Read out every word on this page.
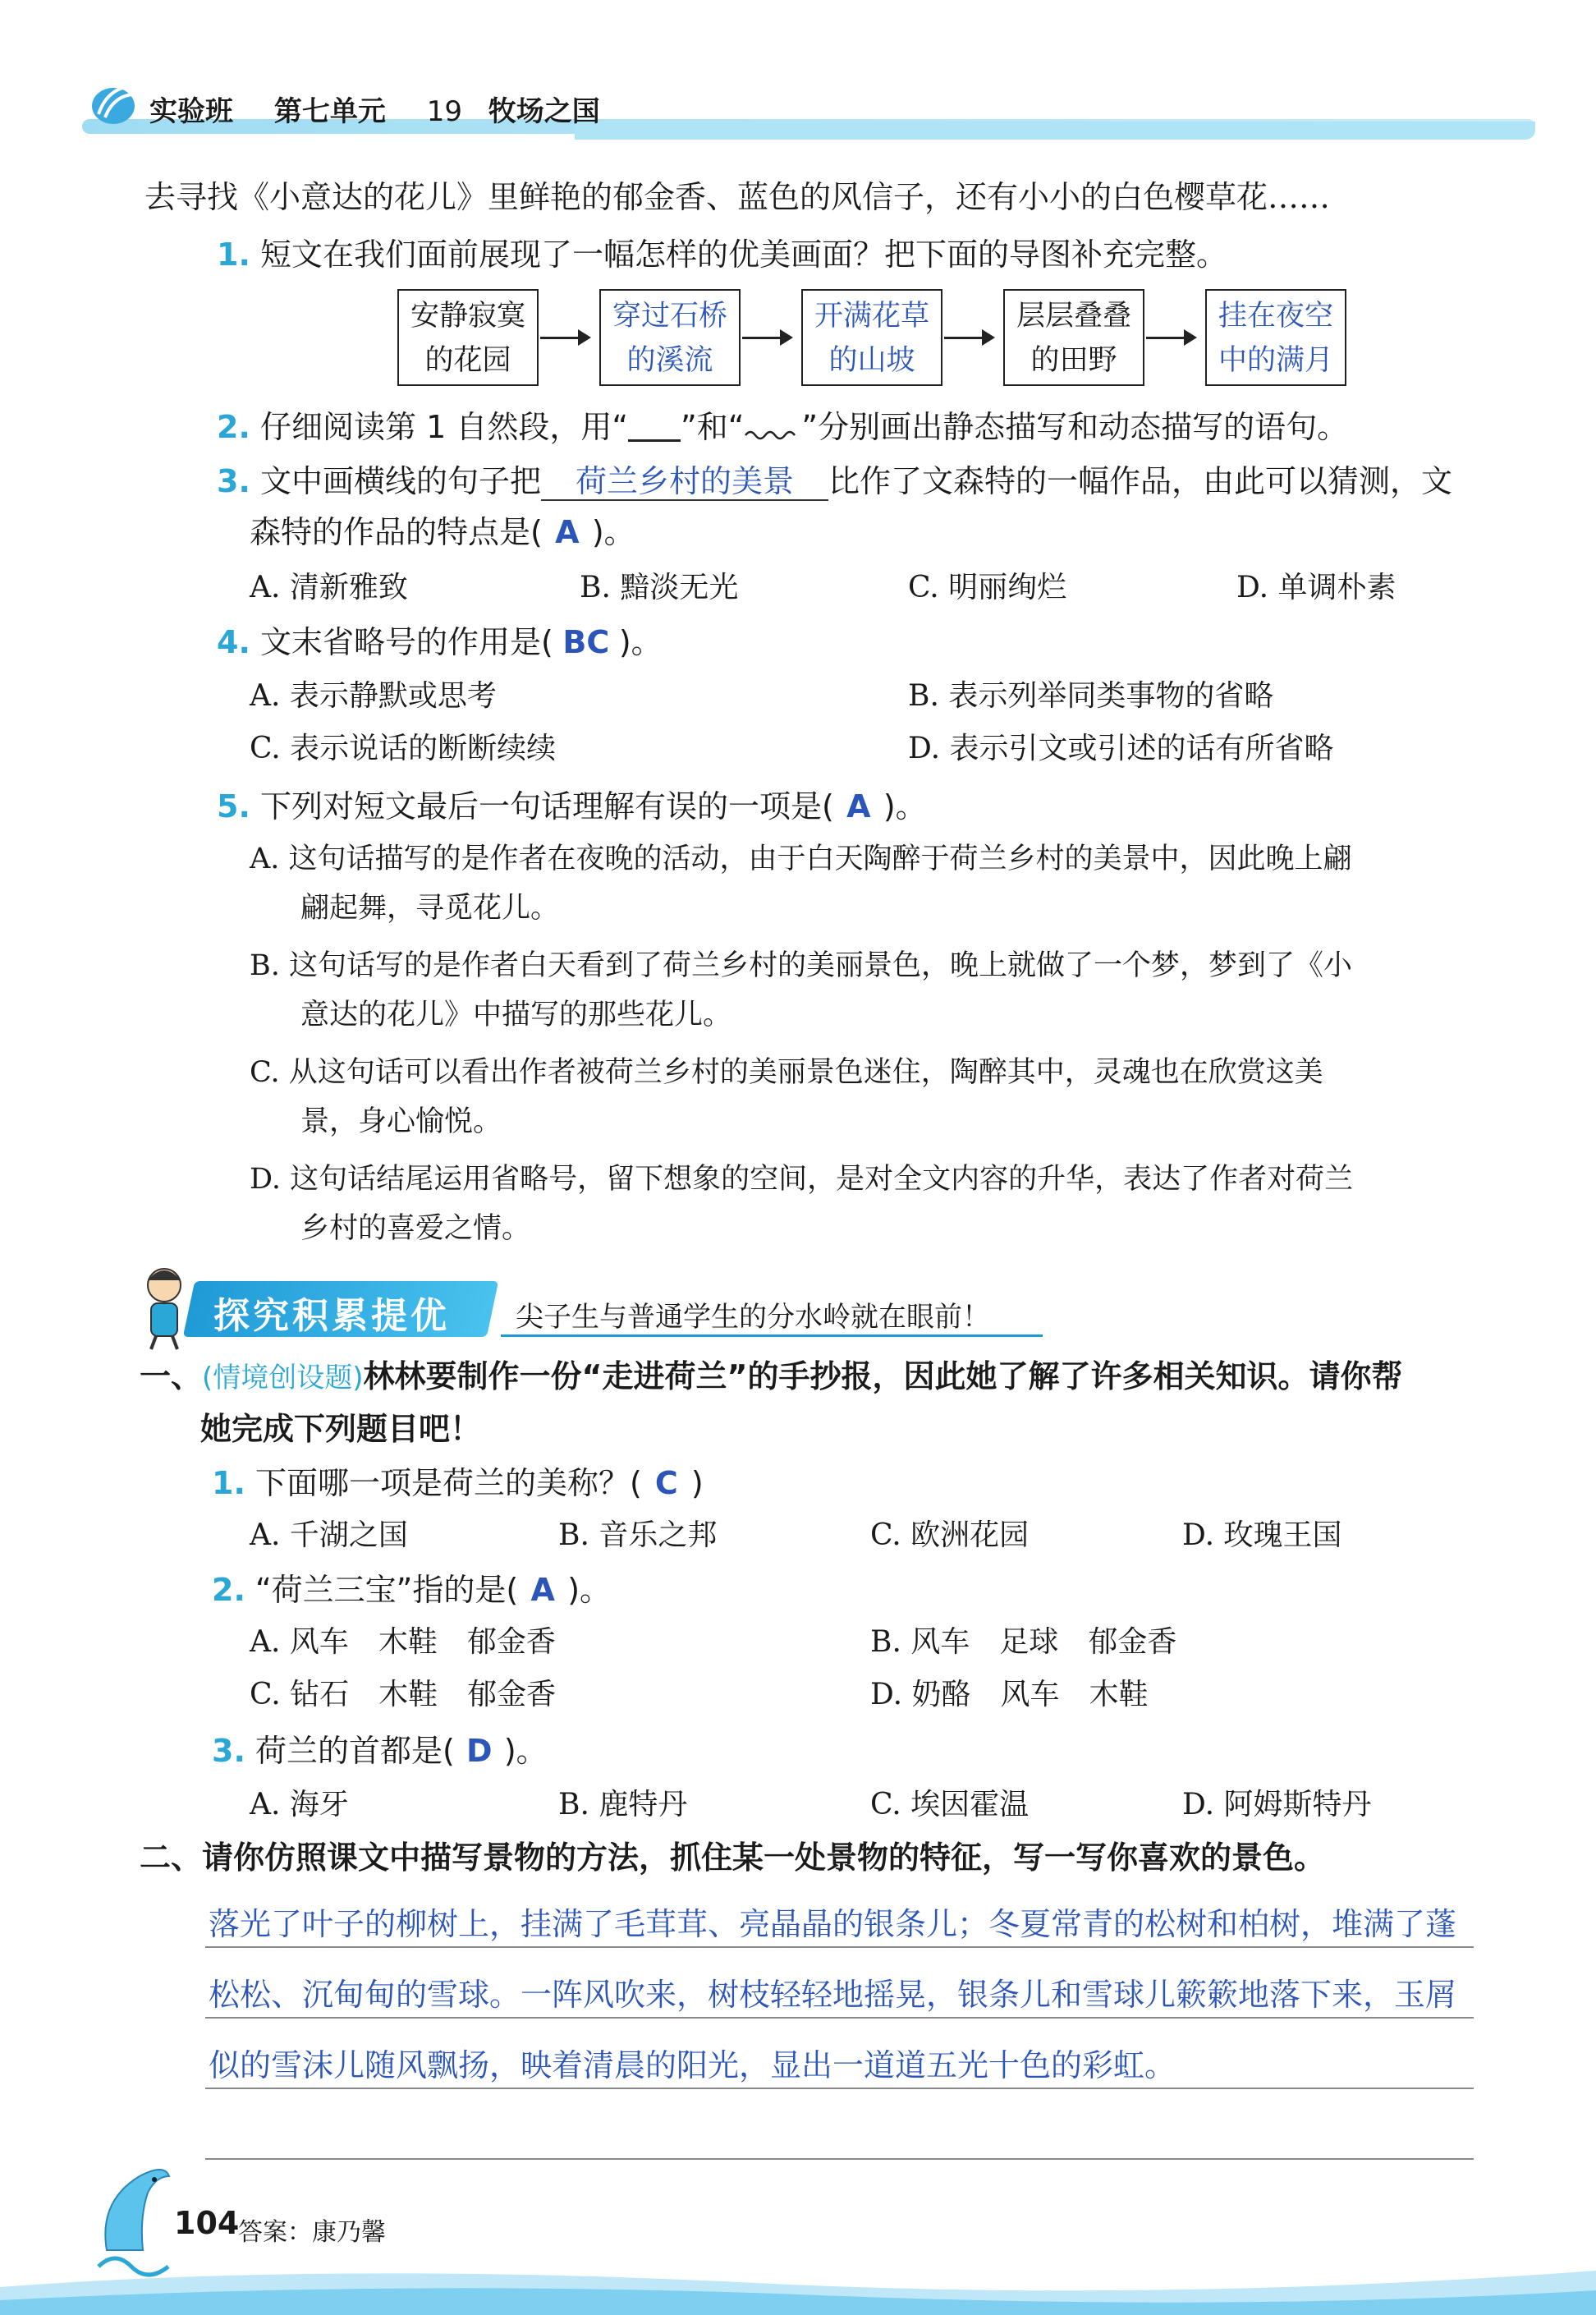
实验班 第七单元 19 牧场之国
去寻找《小意达的花儿》里鲜艳的郁金香、蓝色的风信子，还有小小的白色樱草花……
1. 短文在我们面前展现了一幅怎样的优美画面？把下面的导图补充完整。
安静寂寞
的花园
穿过石桥
的溪流
开满花草
的山坡
层层叠叠
的田野
挂在夜空
中的满月
2. 仔细阅读第 1 自然段，用“ ”和“ ”分别画出静态描写和动态描写的语句。
3. 文中画横线的句子把 荷兰乡村的美景 比作了文森特的一幅作品，由此可以猜测，文
森特的作品的特点是( A )。
A. 清新雅致	B. 黯淡无光	C. 明丽绚烂	D. 单调朴素
4. 文末省略号的作用是( BC )。
A. 表示静默或思考	B. 表示列举同类事物的省略
C. 表示说话的断断续续	D. 表示引文或引述的话有所省略
5. 下列对短文最后一句话理解有误的一项是( A )。
A. 这句话描写的是作者在夜晚的活动，由于白天陶醉于荷兰乡村的美景中，因此晚上翩
翩起舞，寻觅花儿。
B. 这句话写的是作者白天看到了荷兰乡村的美丽景色，晚上就做了一个梦，梦到了《小
意达的花儿》中描写的那些花儿。
C. 从这句话可以看出作者被荷兰乡村的美丽景色迷住，陶醉其中，灵魂也在欣赏这美
景，身心愉悦。
D. 这句话结尾运用省略号，留下想象的空间，是对全文内容的升华，表达了作者对荷兰
乡村的喜爱之情。
探究积累提优 尖子生与普通学生的分水岭就在眼前！
一、(情境创设题)林林要制作一份“走进荷兰”的手抄报，因此她了解了许多相关知识。请你帮
她完成下列题目吧！
1. 下面哪一项是荷兰的美称？( C )
A. 千湖之国	B. 音乐之邦	C. 欧洲花园	D. 玫瑰王国
2. “荷兰三宝”指的是( A )。
A. 风车　木鞋　郁金香	B. 风车　足球　郁金香
C. 钻石　木鞋　郁金香	D. 奶酪　风车　木鞋
3. 荷兰的首都是( D )。
A. 海牙	B. 鹿特丹	C. 埃因霍温	D. 阿姆斯特丹
二、请你仿照课文中描写景物的方法，抓住某一处景物的特征，写一写你喜欢的景色。
落光了叶子的柳树上，挂满了毛茸茸、亮晶晶的银条儿；冬夏常青的松树和柏树，堆满了蓬
松松、沉甸甸的雪球。一阵风吹来，树枝轻轻地摇晃，银条儿和雪球儿簌簌地落下来，玉屑
似的雪沫儿随风飘扬，映着清晨的阳光，显出一道道五光十色的彩虹。
104
答案：康乃馨
